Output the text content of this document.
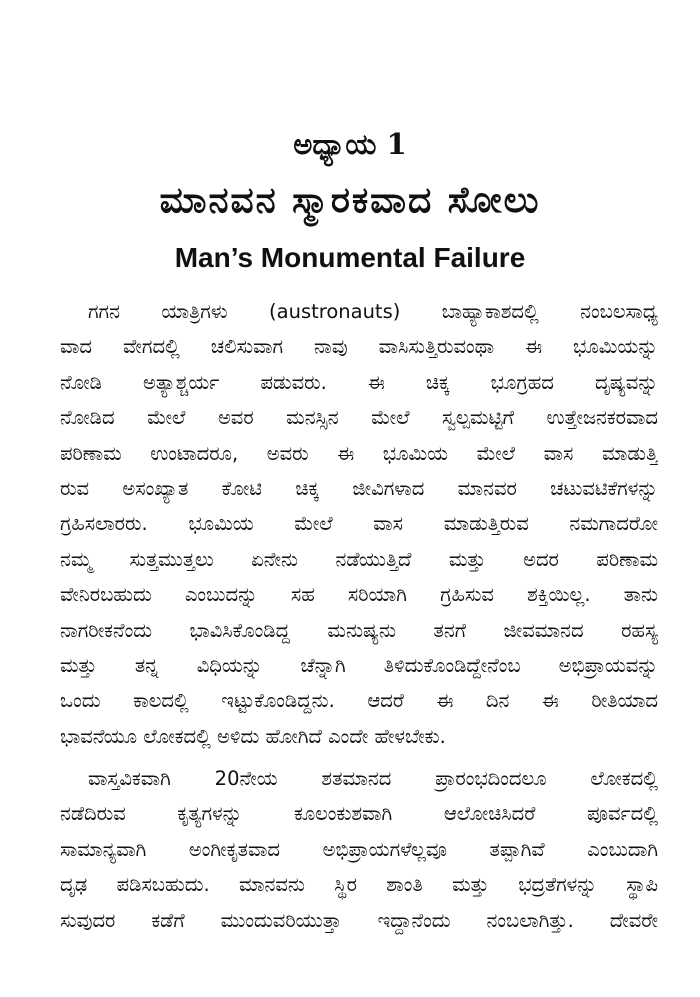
ಅಧ್ಯಾಯ 1
ಮಾನವನ ಸ್ಮಾರಕವಾದ ಸೋಲು
Man’s Monumental Failure
ಗಗನ ಯಾತ್ರಿಗಳು (austronauts) ಬಾಹ್ಯಾಕಾಶದಲ್ಲಿ ನಂಬಲಸಾಧ್ಯ
ವಾದ ವೇಗದಲ್ಲಿ ಚಲಿಸುವಾಗ ನಾವು ವಾಸಿಸುತ್ತಿರುವಂಥಾ ಈ ಭೂಮಿಯನ್ನು
ನೋಡಿ ಅತ್ಯಾಶ್ಚರ್ಯ ಪಡುವರು. ಈ ಚಿಕ್ಕ ಭೂಗ್ರಹದ ದೃಷ್ಯವನ್ನು
ನೋಡಿದ ಮೇಲೆ ಅವರ ಮನಸ್ಸಿನ ಮೇಲೆ ಸ್ವಲ್ಪಮಟ್ಟಿಗೆ ಉತ್ತೇಜನಕರವಾದ
ಪರಿಣಾಮ ಉಂಟಾದರೂ, ಅವರು ಈ ಭೂಮಿಯ ಮೇಲೆ ವಾಸ ಮಾಡುತ್ತಿ
ರುವ ಅಸಂಖ್ಯಾತ ಕೋಟಿ ಚಿಕ್ಕ ಜೀವಿಗಳಾದ ಮಾನವರ ಚಟುವಟಿಕೆಗಳನ್ನು
ಗ್ರಹಿಸಲಾರರು. ಭೂಮಿಯ ಮೇಲೆ ವಾಸ ಮಾಡುತ್ತಿರುವ ನಮಗಾದರೋ
ನಮ್ಮ ಸುತ್ತಮುತ್ತಲು ಏನೇನು ನಡೆಯುತ್ತಿದೆ ಮತ್ತು ಅದರ ಪರಿಣಾಮ
ವೇನಿರಬಹುದು ಎಂಬುದನ್ನು ಸಹ ಸರಿಯಾಗಿ ಗ್ರಹಿಸುವ ಶಕ್ತಿಯಿಲ್ಲ. ತಾನು
ನಾಗರೀಕನೆಂದು ಭಾವಿಸಿಕೊಂಡಿದ್ದ ಮನುಷ್ಯನು ತನಗೆ ಜೀವಮಾನದ ರಹಸ್ಯ
ಮತ್ತು ತನ್ನ ವಿಧಿಯನ್ನು ಚೆನ್ನಾಗಿ ತಿಳಿದುಕೊಂಡಿದ್ದೇನೆಂಬ ಅಭಿಪ್ರಾಯವನ್ನು
ಒಂದು ಕಾಲದಲ್ಲಿ ಇಟ್ಟುಕೊಂಡಿದ್ದನು. ಆದರೆ ಈ ದಿನ ಈ ರೀತಿಯಾದ
ಭಾವನೆಯೂ ಲೋಕದಲ್ಲಿ ಅಳಿದು ಹೋಗಿದೆ ಎಂದೇ ಹೇಳಬೇಕು.
ವಾಸ್ತವಿಕವಾಗಿ 20ನೇಯ ಶತಮಾನದ ಪ್ರಾರಂಭದಿಂದಲೂ ಲೋಕದಲ್ಲಿ
ನಡೆದಿರುವ ಕೃತ್ಯಗಳನ್ನು ಕೂಲಂಕುಶವಾಗಿ ಆಲೋಚಿಸಿದರೆ ಪೂರ್ವದಲ್ಲಿ
ಸಾಮಾನ್ಯವಾಗಿ ಅಂಗೀಕೃತವಾದ ಅಭಿಪ್ರಾಯಗಳೆಲ್ಲವೂ ತಪ್ಪಾಗಿವೆ ಎಂಬುದಾಗಿ
ದೃಢ ಪಡಿಸಬಹುದು. ಮಾನವನು ಸ್ಥಿರ ಶಾಂತಿ ಮತ್ತು ಭದ್ರತೆಗಳನ್ನು ಸ್ಥಾಪಿ
ಸುವುದರ ಕಡೆಗೆ ಮುಂದುವರಿಯುತ್ತಾ ಇದ್ದಾನೆಂದು ನಂಬಲಾಗಿತ್ತು. ದೇವರೇ
